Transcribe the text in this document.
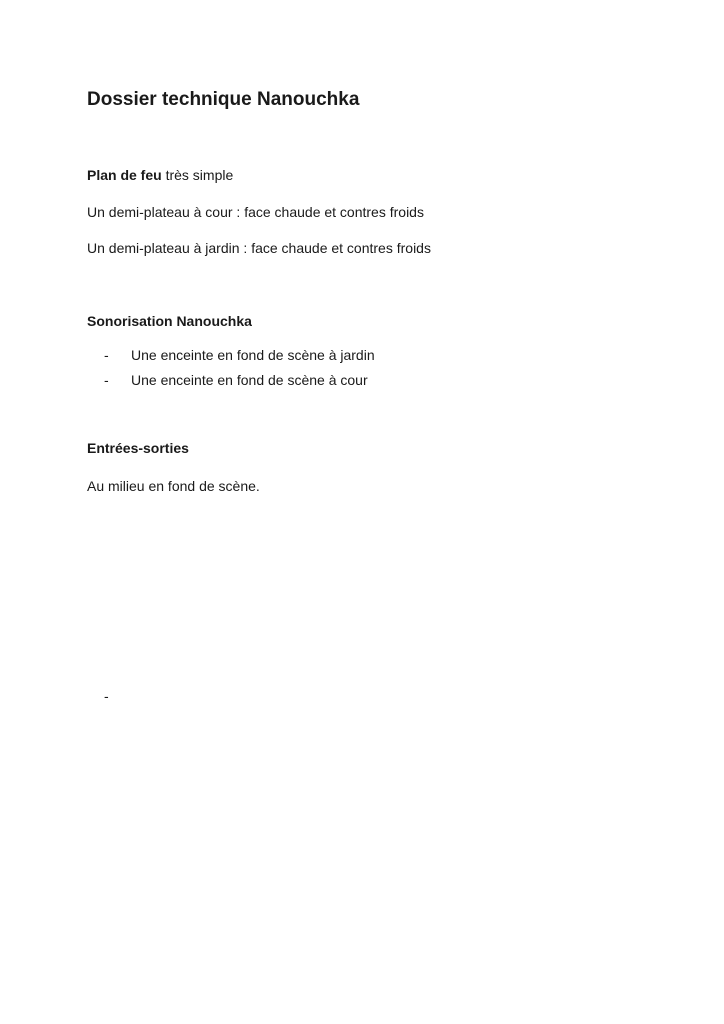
Dossier technique Nanouchka

Plan de feu très simple

Un demi-plateau à cour : face chaude et contres froids

Un demi-plateau à jardin : face chaude et contres froids

Sonorisation Nanouchka

- Une enceinte en fond de scène à jardin
- Une enceinte en fond de scène à cour

Entrées-sorties

Au milieu en fond de scène.

-
